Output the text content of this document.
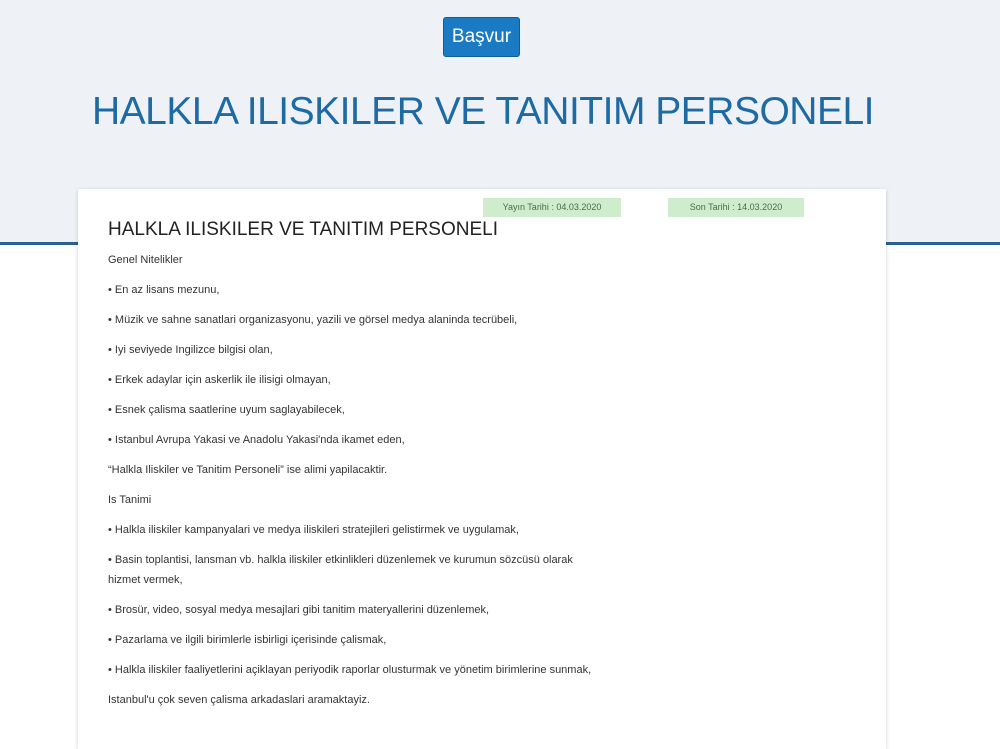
Başvur
HALKLA ILISKILER VE TANITIM PERSONELI
Yayın Tarihi : 04.03.2020	Son Tarihi : 14.03.2020
HALKLA ILISKILER VE TANITIM PERSONELI

Genel Nitelikler

• En az lisans mezunu,

• Müzik ve sahne sanatlari organizasyonu, yazili ve görsel medya alaninda tecrübeli,

• Iyi seviyede Ingilizce bilgisi olan,

• Erkek adaylar için askerlik ile ilisigi olmayan,

• Esnek çalisma saatlerine uyum saglayabilecek,

• Istanbul Avrupa Yakasi ve Anadolu Yakasi'nda ikamet eden,

“Halkla Iliskiler ve Tanitim Personeli” ise alimi yapilacaktir.

Is Tanimi

• Halkla iliskiler kampanyalari ve medya iliskileri stratejileri gelistirmek ve uygulamak,

• Basin toplantisi, lansman vb. halkla iliskiler etkinlikleri düzenlemek ve kurumun sözcüsü olarak hizmet vermek,

• Brosür, video, sosyal medya mesajlari gibi tanitim materyallerini düzenlemek,

• Pazarlama ve ilgili birimlerle isbirligi içerisinde çalismak,

• Halkla iliskiler faaliyetlerini açiklayan periyodik raporlar olusturmak ve yönetim birimlerine sunmak,

Istanbul'u çok seven çalisma arkadaslari aramaktayiz.
